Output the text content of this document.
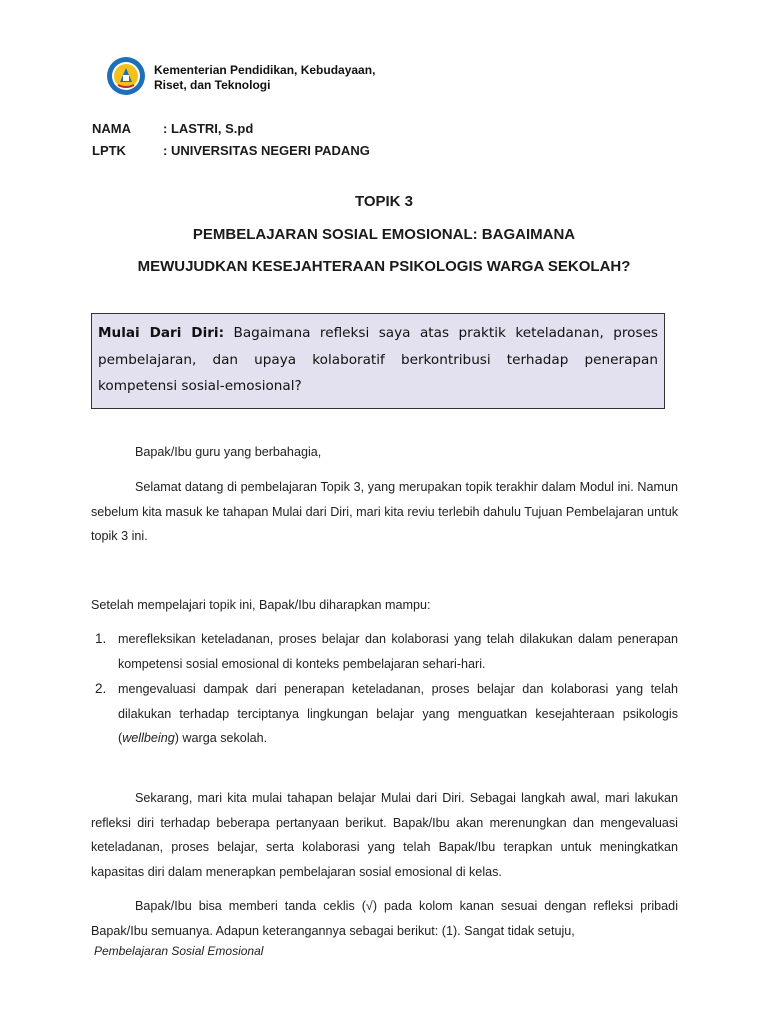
Kementerian Pendidikan, Kebudayaan,
Riset, dan Teknologi
NAMA : LASTRI, S.pd
LPTK	: UNIVERSITAS NEGERI PADANG
TOPIK 3
PEMBELAJARAN SOSIAL EMOSIONAL: BAGAIMANA
MEWUJUDKAN KESEJAHTERAAN PSIKOLOGIS WARGA SEKOLAH?
Mulai Dari Diri: Bagaimana refleksi saya atas praktik keteladanan, proses pembelajaran, dan upaya kolaboratif berkontribusi terhadap penerapan kompetensi sosial-emosional?
Bapak/Ibu guru yang berbahagia,
Selamat datang di pembelajaran Topik 3, yang merupakan topik terakhir dalam Modul ini. Namun sebelum kita masuk ke tahapan Mulai dari Diri, mari kita reviu terlebih dahulu Tujuan Pembelajaran untuk topik 3 ini.
Setelah mempelajari topik ini, Bapak/Ibu diharapkan mampu:
1. merefleksikan keteladanan, proses belajar dan kolaborasi yang telah dilakukan dalam penerapan kompetensi sosial emosional di konteks pembelajaran sehari-hari.
2. mengevaluasi dampak dari penerapan keteladanan, proses belajar dan kolaborasi yang telah dilakukan terhadap terciptanya lingkungan belajar yang menguatkan kesejahteraan psikologis (wellbeing) warga sekolah.
Sekarang, mari kita mulai tahapan belajar Mulai dari Diri. Sebagai langkah awal, mari lakukan refleksi diri terhadap beberapa pertanyaan berikut. Bapak/Ibu akan merenungkan dan mengevaluasi keteladanan, proses belajar, serta kolaborasi yang telah Bapak/Ibu terapkan untuk meningkatkan kapasitas diri dalam menerapkan pembelajaran sosial emosional di kelas.
Bapak/Ibu bisa memberi tanda ceklis (√) pada kolom kanan sesuai dengan refleksi pribadi Bapak/Ibu semuanya. Adapun keterangannya sebagai berikut: (1). Sangat tidak setuju,
Pembelajaran Sosial Emosional
